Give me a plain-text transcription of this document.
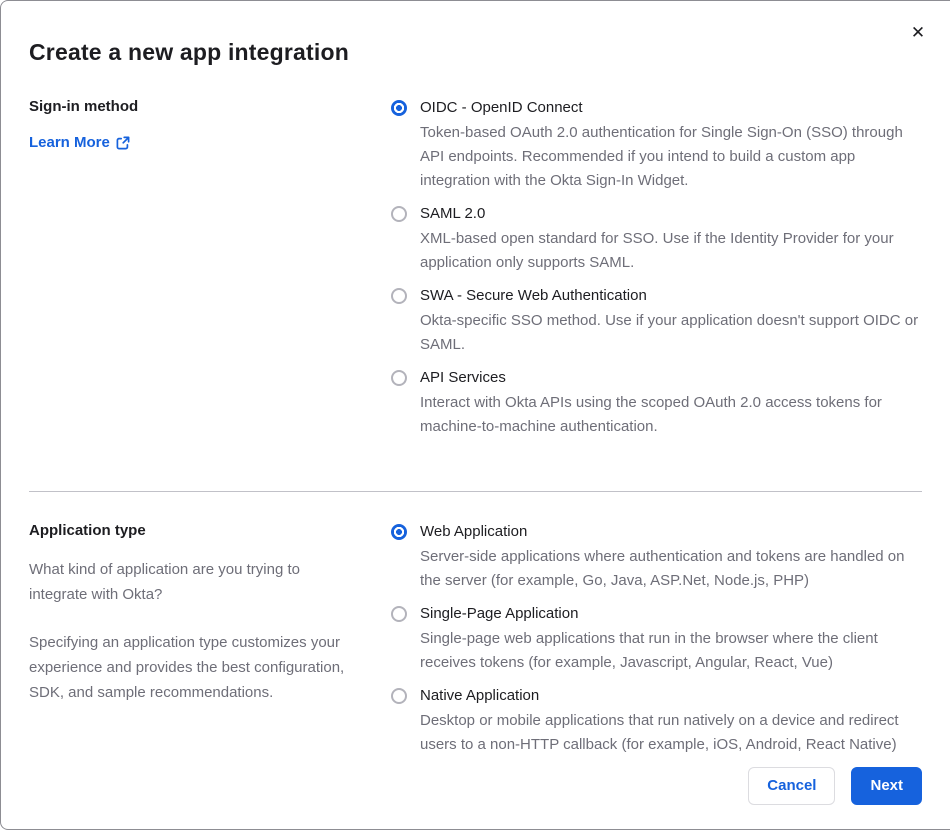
Create a new app integration
✕
Sign-in method
Learn More
OIDC - OpenID Connect
Token-based OAuth 2.0 authentication for Single Sign-On (SSO) through API endpoints. Recommended if you intend to build a custom app integration with the Okta Sign-In Widget.
SAML 2.0
XML-based open standard for SSO. Use if the Identity Provider for your application only supports SAML.
SWA - Secure Web Authentication
Okta-specific SSO method. Use if your application doesn't support OIDC or SAML.
API Services
Interact with Okta APIs using the scoped OAuth 2.0 access tokens for machine-to-machine authentication.
Application type

What kind of application are you trying to integrate with Okta?

Specifying an application type customizes your experience and provides the best configuration, SDK, and sample recommendations.

Web Application
Server-side applications where authentication and tokens are handled on the server (for example, Go, Java, ASP.Net, Node.js, PHP)
Single-Page Application
Single-page web applications that run in the browser where the client receives tokens (for example, Javascript, Angular, React, Vue)
Native Application
Desktop or mobile applications that run natively on a device and redirect users to a non-HTTP callback (for example, iOS, Android, React Native)
Cancel	Next
